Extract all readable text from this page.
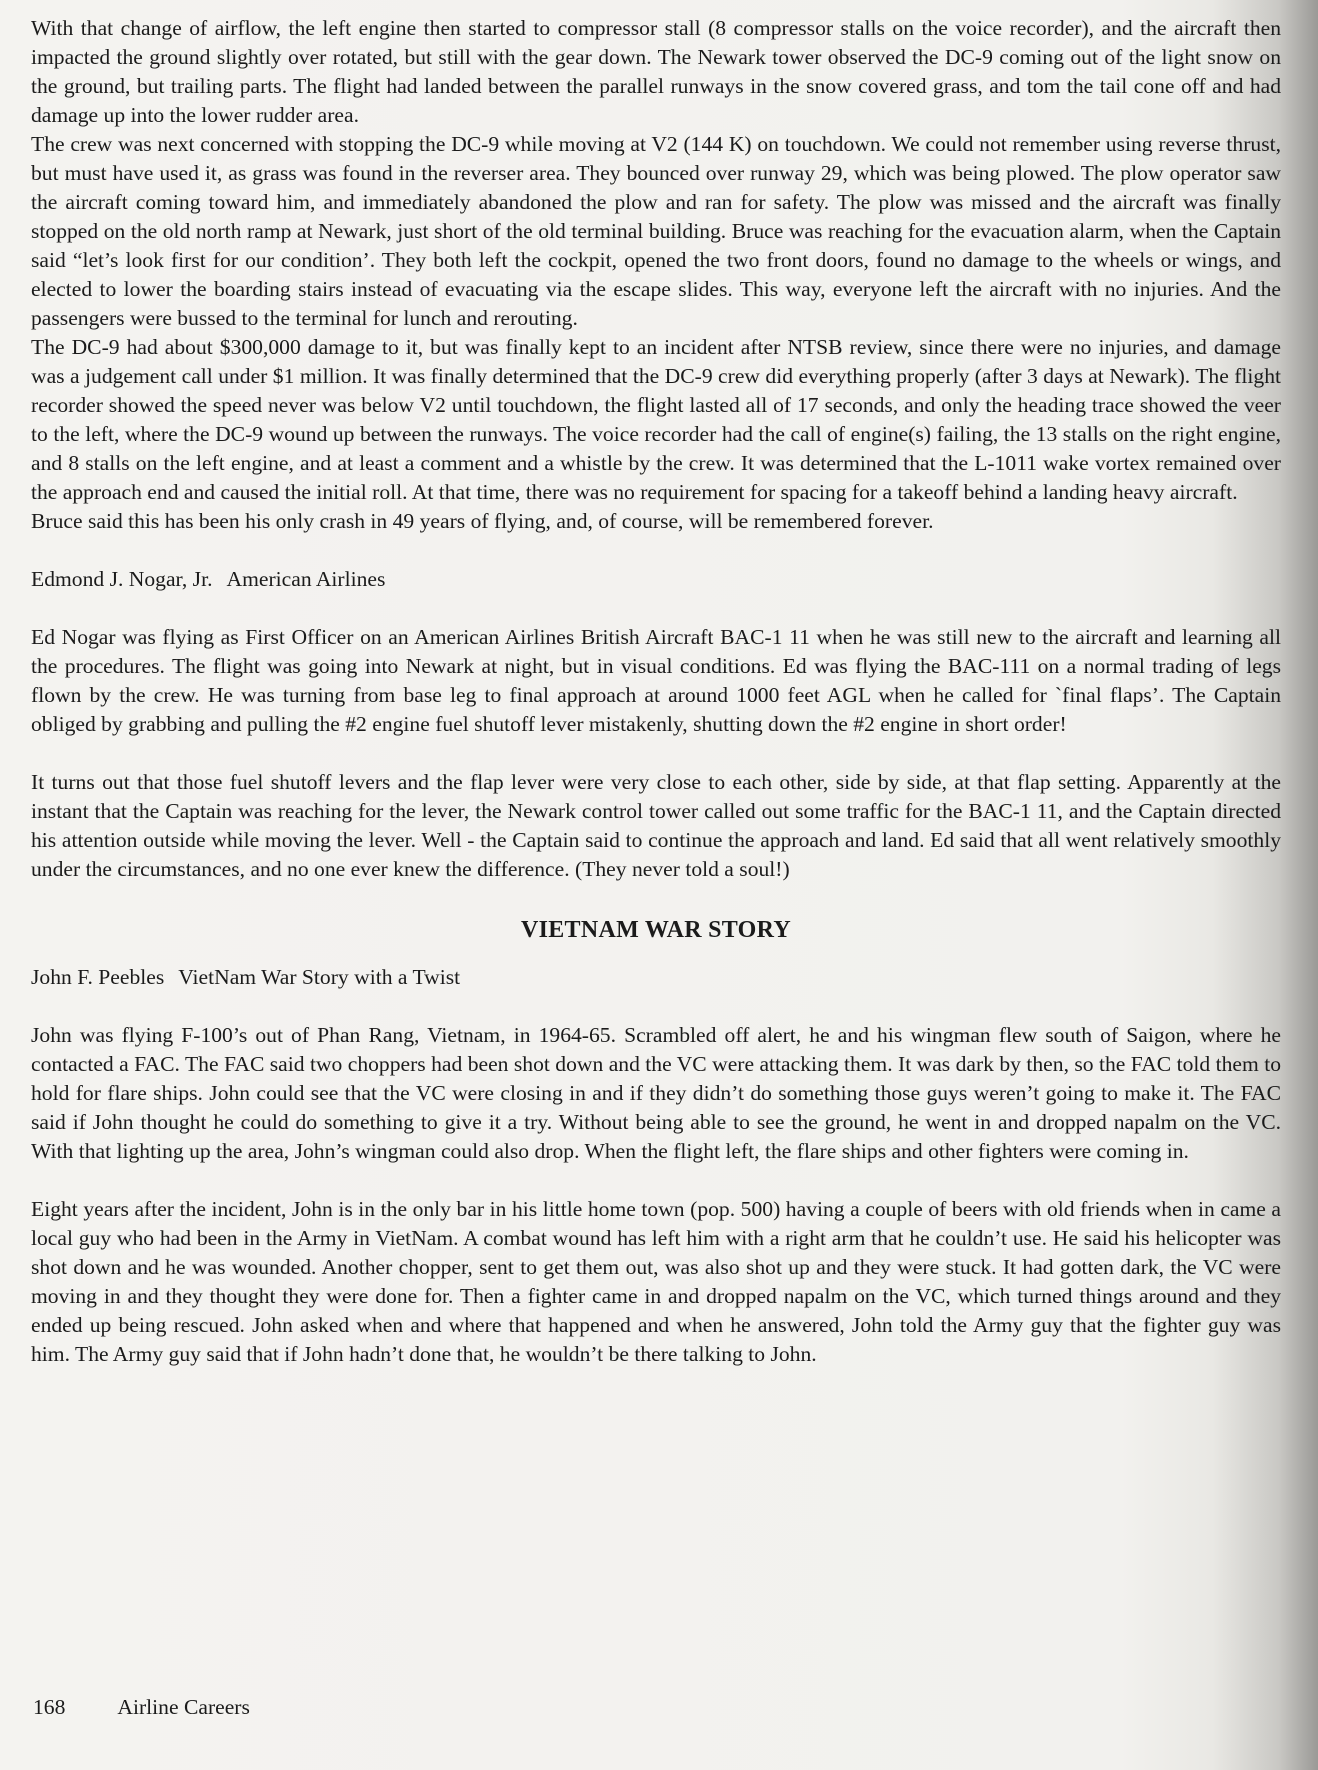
With that change of airflow, the left engine then started to compressor stall (8 compressor stalls on the voice recorder), and the aircraft then impacted the ground slightly over rotated, but still with the gear down. The Newark tower observed the DC-9 coming out of the light snow on the ground, but trailing parts. The flight had landed between the parallel runways in the snow covered grass, and tom the tail cone off and had damage up into the lower rudder area.

The crew was next concerned with stopping the DC-9 while moving at V2 (144 K) on touchdown. We could not remember using reverse thrust, but must have used it, as grass was found in the reverser area. They bounced over runway 29, which was being plowed. The plow operator saw the aircraft coming toward him, and immediately abandoned the plow and ran for safety. The plow was missed and the aircraft was finally stopped on the old north ramp at Newark, just short of the old terminal building. Bruce was reaching for the evacuation alarm, when the Captain said “let’s look first for our condition’. They both left the cockpit, opened the two front doors, found no damage to the wheels or wings, and elected to lower the boarding stairs instead of evacuating via the escape slides. This way, everyone left the aircraft with no injuries. And the passengers were bussed to the terminal for lunch and rerouting.

The DC-9 had about $300,000 damage to it, but was finally kept to an incident after NTSB review, since there were no injuries, and damage was a judgement call under $1 million. It was finally determined that the DC-9 crew did everything properly (after 3 days at Newark). The flight recorder showed the speed never was below V2 until touchdown, the flight lasted all of 17 seconds, and only the heading trace showed the veer to the left, where the DC-9 wound up between the runways. The voice recorder had the call of engine(s) failing, the 13 stalls on the right engine, and 8 stalls on the left engine, and at least a comment and a whistle by the crew. It was determined that the L-1011 wake vortex remained over the approach end and caused the initial roll. At that time, there was no requirement for spacing for a takeoff behind a landing heavy aircraft.

Bruce said this has been his only crash in 49 years of flying, and, of course, will be remembered forever.

Edmond J. Nogar, Jr. American Airlines

Ed Nogar was flying as First Officer on an American Airlines British Aircraft BAC-1 11 when he was still new to the aircraft and learning all the procedures. The flight was going into Newark at night, but in visual conditions. Ed was flying the BAC-111 on a normal trading of legs flown by the crew. He was turning from base leg to final approach at around 1000 feet AGL when he called for `final flaps’. The Captain obliged by grabbing and pulling the #2 engine fuel shutoff lever mistakenly, shutting down the #2 engine in short order!

It turns out that those fuel shutoff levers and the flap lever were very close to each other, side by side, at that flap setting. Apparently at the instant that the Captain was reaching for the lever, the Newark control tower called out some traffic for the BAC-1 11, and the Captain directed his attention outside while moving the lever. Well - the Captain said to continue the approach and land. Ed said that all went relatively smoothly under the circumstances, and no one ever knew the difference. (They never told a soul!)

VIETNAM WAR STORY

John F. Peebles VietNam War Story with a Twist

John was flying F-100’s out of Phan Rang, Vietnam, in 1964-65. Scrambled off alert, he and his wingman flew south of Saigon, where he contacted a FAC. The FAC said two choppers had been shot down and the VC were attacking them. It was dark by then, so the FAC told them to hold for flare ships. John could see that the VC were closing in and if they didn’t do something those guys weren’t going to make it. The FAC said if John thought he could do something to give it a try. Without being able to see the ground, he went in and dropped napalm on the VC. With that lighting up the area, John’s wingman could also drop. When the flight left, the flare ships and other fighters were coming in.

Eight years after the incident, John is in the only bar in his little home town (pop. 500) having a couple of beers with old friends when in came a local guy who had been in the Army in VietNam. A combat wound has left him with a right arm that he couldn’t use. He said his helicopter was shot down and he was wounded. Another chopper, sent to get them out, was also shot up and they were stuck. It had gotten dark, the VC were moving in and they thought they were done for. Then a fighter came in and dropped napalm on the VC, which turned things around and they ended up being rescued. John asked when and where that happened and when he answered, John told the Army guy that the fighter guy was him. The Army guy said that if John hadn’t done that, he wouldn’t be there talking to John.

168 Airline Careers
